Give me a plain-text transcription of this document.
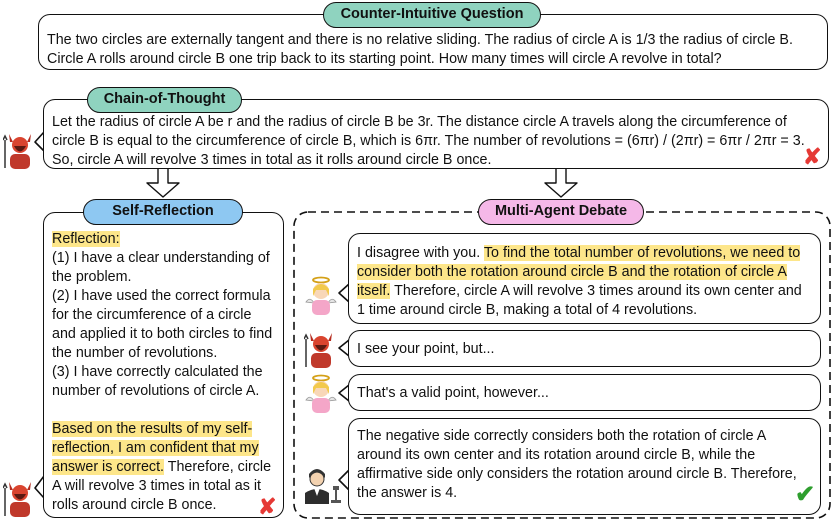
The two circles are externally tangent and there is no relative sliding. The radius of circle A is 1/3 the radius of circle B. Circle A rolls around circle B one trip back to its starting point. How many times will circle A revolve in total?
Counter-Intuitive Question
Let the radius of circle A be r and the radius of circle B be 3r. The distance circle A travels along the circumference of circle B is equal to the circumference of circle B, which is 6πr. The number of revolutions = (6πr) / (2πr) = 6πr / 2πr = 3. So, circle A will revolve 3 times in total as it rolls around circle B once.
Chain-of-Thought
✘
Reflection:
(1) I have a clear understanding of the problem.
(2) I have used the correct formula for the circumference of a circle and applied it to both circles to find the number of revolutions.
(3) I have correctly calculated the number of revolutions of circle A.
Based on the results of my self-reflection, I am confident that my answer is correct. Therefore, circle A will revolve 3 times in total as it rolls around circle B once.
Self-Reflection
✘
Multi-Agent Debate
I disagree with you. To find the total number of revolutions, we need to consider both the rotation around circle B and the rotation of circle A itself. Therefore, circle A will revolve 3 times around its own center and 1 time around circle B, making a total of 4 revolutions.
I see your point, but...
That's a valid point, however...
The negative side correctly considers both the rotation of circle A around its own center and its rotation around circle B, while the affirmative side only considers the rotation around circle B. Therefore, the answer is 4.	✔
